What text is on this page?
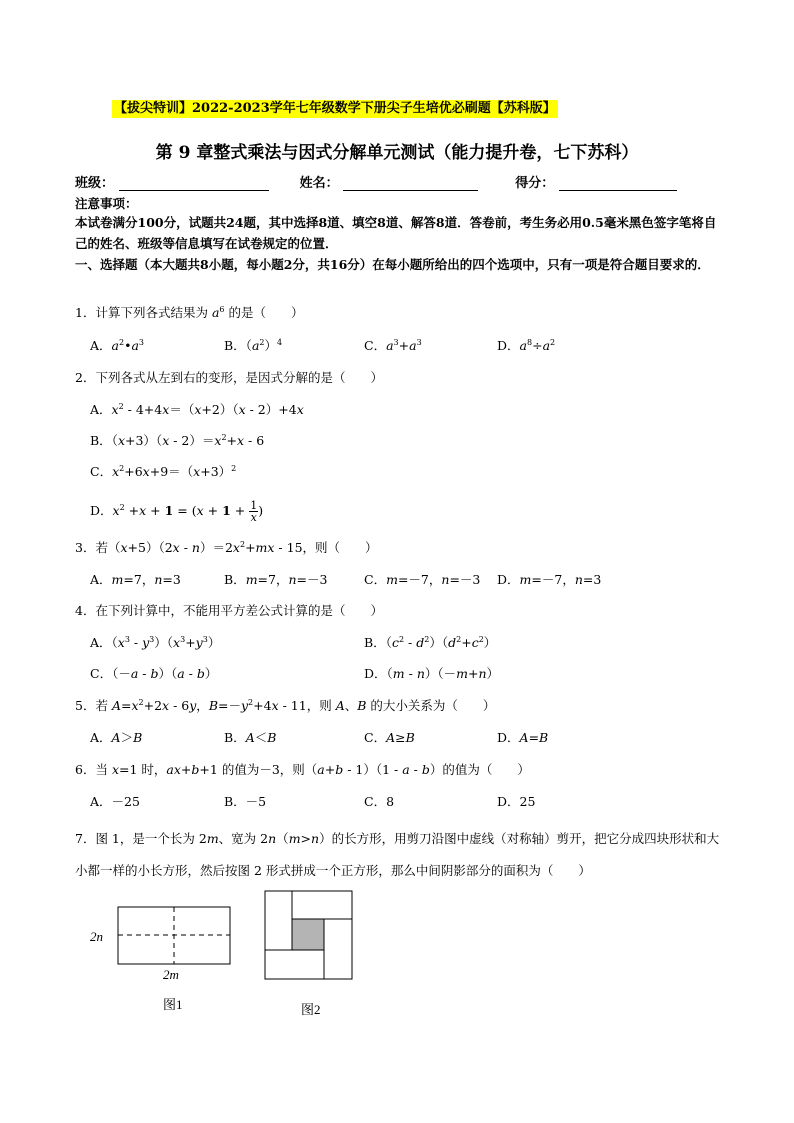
【拔尖特训】2022-2023学年七年级数学下册尖子生培优必刷题【苏科版】
第 9 章整式乘法与因式分解单元测试（能力提升卷，七下苏科）
班级：	姓名：	得分：
注意事项：
本试卷满分100分，试题共24题，其中选择8道、填空8道、解答8道．答卷前，考生务必用0.5毫米黑色签字笔将自己的姓名、班级等信息填写在试卷规定的位置．
一、选择题（本大题共8小题，每小题2分，共16分）在每小题所给出的四个选项中，只有一项是符合题目要求的．
1．计算下列各式结果为 $a^6$ 的是（　　）
A．$a^2•a^3$	B．$(a^2)^4$	C．$a^3+a^3$	D．$a^8\div a^2$
2．下列各式从左到右的变形，是因式分解的是（　　）
A．$x^2 - 4+4x=(x+2)(x - 2)+4x$
B．$(x+3)(x - 2)=x^2+x - 6$
C．$x^2+6x+9=(x+3)^2$
D．$x^2 +x + 1 = (x + 1 + \frac{1}{x}$ )
3．若$(x+5)(2x - n)=2x^2+mx - 15$，则（　　）
A．m=7，n=3	B．m=7，n=－3	C．m=－7，n=－3 D．m=－7，n=3
4．在下列计算中，不能用平方差公式计算的是（　　）
A．$(x^3 - y^3)(x^3+y^3)$	B．$(c^2 - d^2)(d^2+c^2)$
C．（－a - b）（a - b）	D．（m - n）（－m+n）
5．若 $A=x^2+2x - 6y$，$B=-y^2+4x - 11$，则 A、B 的大小关系为（　　）
A．A＞B	B．A＜B	C．A≥B	D．A=B
6．当 x=1 时，ax+b+1 的值为－3，则（a+b - 1）（1 - a - b）的值为（　　）
A．－25	B．－5	C．8	D．25
7．图 1，是一个长为 2m、宽为 2n（m>n）的长方形，用剪刀沿图中虚线（对称轴）剪开，把它分成四块形状和大小都一样的小长方形，然后按图 2 形式拼成一个正方形，那么中间阴影部分的面积为（　　）
2n
2m
图1	图2
